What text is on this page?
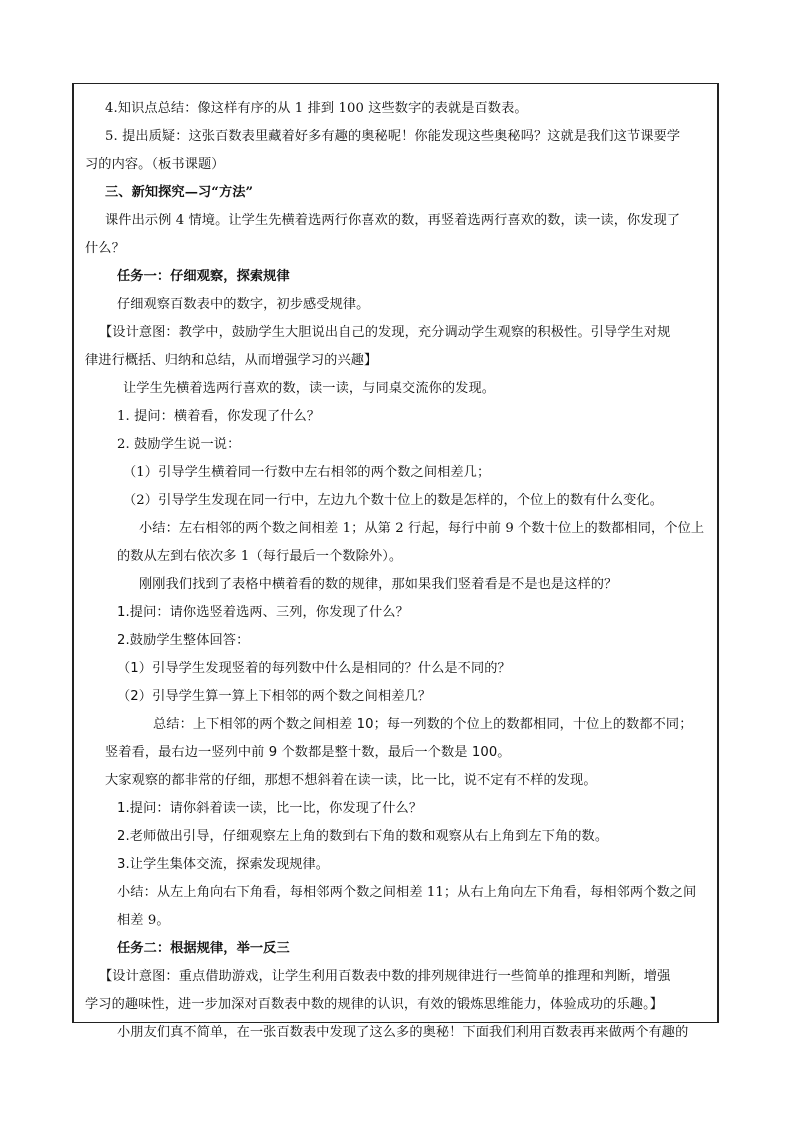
4.知识点总结：像这样有序的从 1 排到 100 这些数字的表就是百数表。
5. 提出质疑：这张百数表里藏着好多有趣的奥秘呢！你能发现这些奥秘吗？这就是我们这节课要学
习的内容。（板书课题）
三、新知探究—习“方法”
课件出示例 4 情境。让学生先横着选两行你喜欢的数，再竖着选两行喜欢的数，读一读，你发现了
什么？
任务一：仔细观察，探索规律
仔细观察百数表中的数字，初步感受规律。
【设计意图：教学中，鼓励学生大胆说出自己的发现，充分调动学生观察的积极性。引导学生对规
律进行概括、归纳和总结，从而增强学习的兴趣】
让学生先横着选两行喜欢的数，读一读，与同桌交流你的发现。
1. 提问：横着看，你发现了什么？
2. 鼓励学生说一说：
（1）引导学生横着同一行数中左右相邻的两个数之间相差几；
（2）引导学生发现在同一行中，左边九个数十位上的数是怎样的，个位上的数有什么变化。
小结：左右相邻的两个数之间相差 1；从第 2 行起，每行中前 9 个数十位上的数都相同，个位上
的数从左到右依次多 1（每行最后一个数除外）。
刚刚我们找到了表格中横着看的数的规律，那如果我们竖着看是不是也是这样的？
1.提问：请你选竖着选两、三列，你发现了什么？
2.鼓励学生整体回答：
（1）引导学生发现竖着的每列数中什么是相同的？什么是不同的？
（2）引导学生算一算上下相邻的两个数之间相差几？
总结：上下相邻的两个数之间相差 10；每一列数的个位上的数都相同，十位上的数都不同；
竖着看，最右边一竖列中前 9 个数都是整十数，最后一个数是 100。
大家观察的都非常的仔细，那想不想斜着在读一读，比一比，说不定有不样的发现。
1.提问：请你斜着读一读，比一比，你发现了什么？
2.老师做出引导，仔细观察左上角的数到右下角的数和观察从右上角到左下角的数。
3.让学生集体交流，探索发现规律。
小结：从左上角向右下角看，每相邻两个数之间相差 11；从右上角向左下角看，每相邻两个数之间
相差 9。
任务二：根据规律，举一反三
【设计意图：重点借助游戏，让学生利用百数表中数的排列规律进行一些简单的推理和判断，增强
学习的趣味性，进一步加深对百数表中数的规律的认识，有效的锻炼思维能力，体验成功的乐趣。】
小朋友们真不简单，在一张百数表中发现了这么多的奥秘！下面我们利用百数表再来做两个有趣的
